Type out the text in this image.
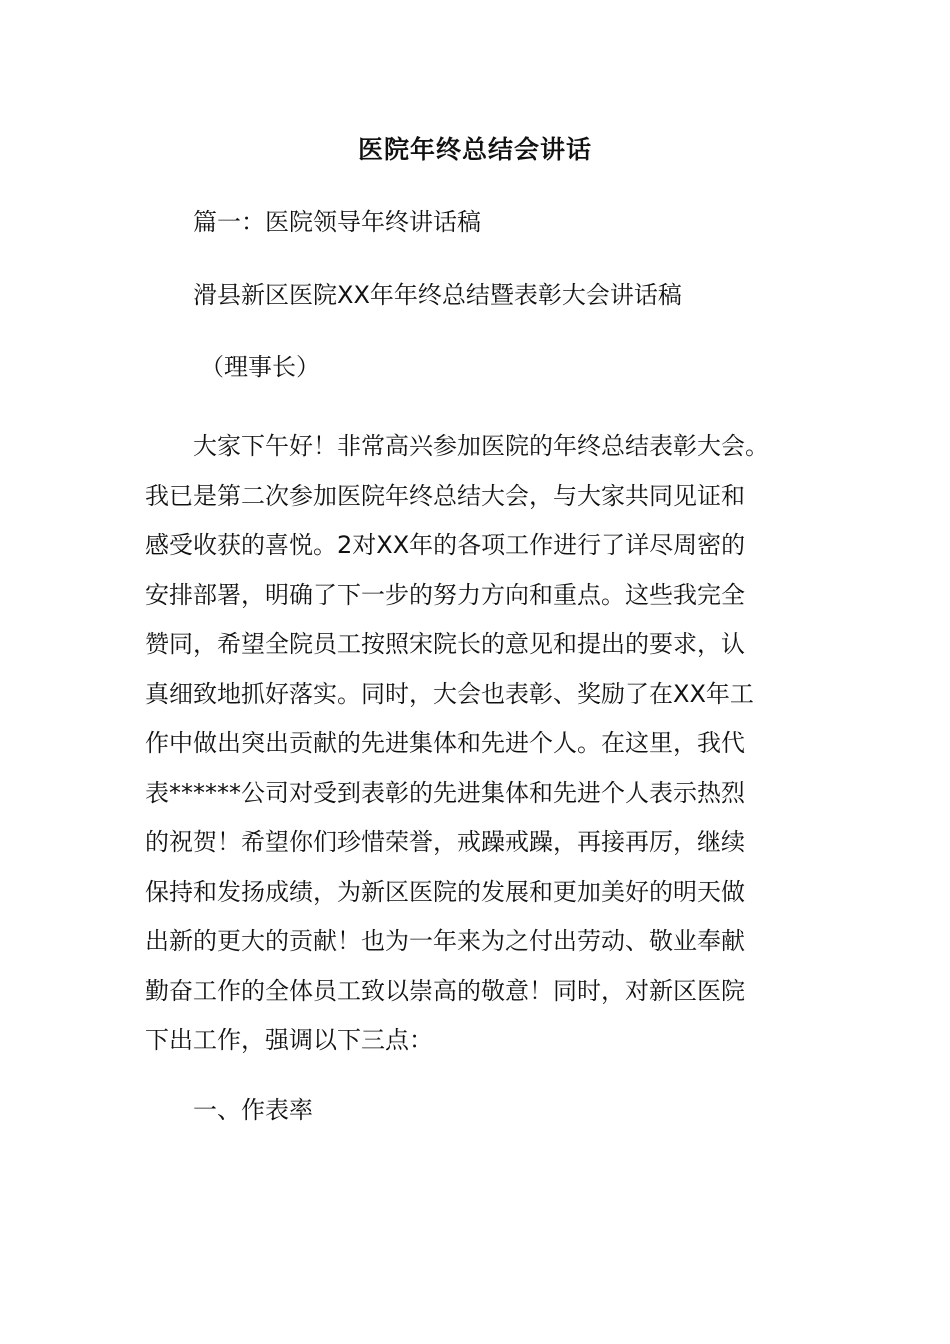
医院年终总结会讲话
篇一：医院领导年终讲话稿
滑县新区医院XX年年终总结暨表彰大会讲话稿
（理事长）
大家下午好！非常高兴参加医院的年终总结表彰大会。
我已是第二次参加医院年终总结大会，与大家共同见证和
感受收获的喜悦。2对XX年的各项工作进行了详尽周密的
安排部署，明确了下一步的努力方向和重点。这些我完全
赞同，希望全院员工按照宋院长的意见和提出的要求，认
真细致地抓好落实。同时，大会也表彰、奖励了在XX年工
作中做出突出贡献的先进集体和先进个人。在这里，我代
表******公司对受到表彰的先进集体和先进个人表示热烈
的祝贺！希望你们珍惜荣誉，戒躁戒躁，再接再厉，继续
保持和发扬成绩，为新区医院的发展和更加美好的明天做
出新的更大的贡献！也为一年来为之付出劳动、敬业奉献
勤奋工作的全体员工致以崇高的敬意！同时，对新区医院
下出工作，强调以下三点：
一、作表率
